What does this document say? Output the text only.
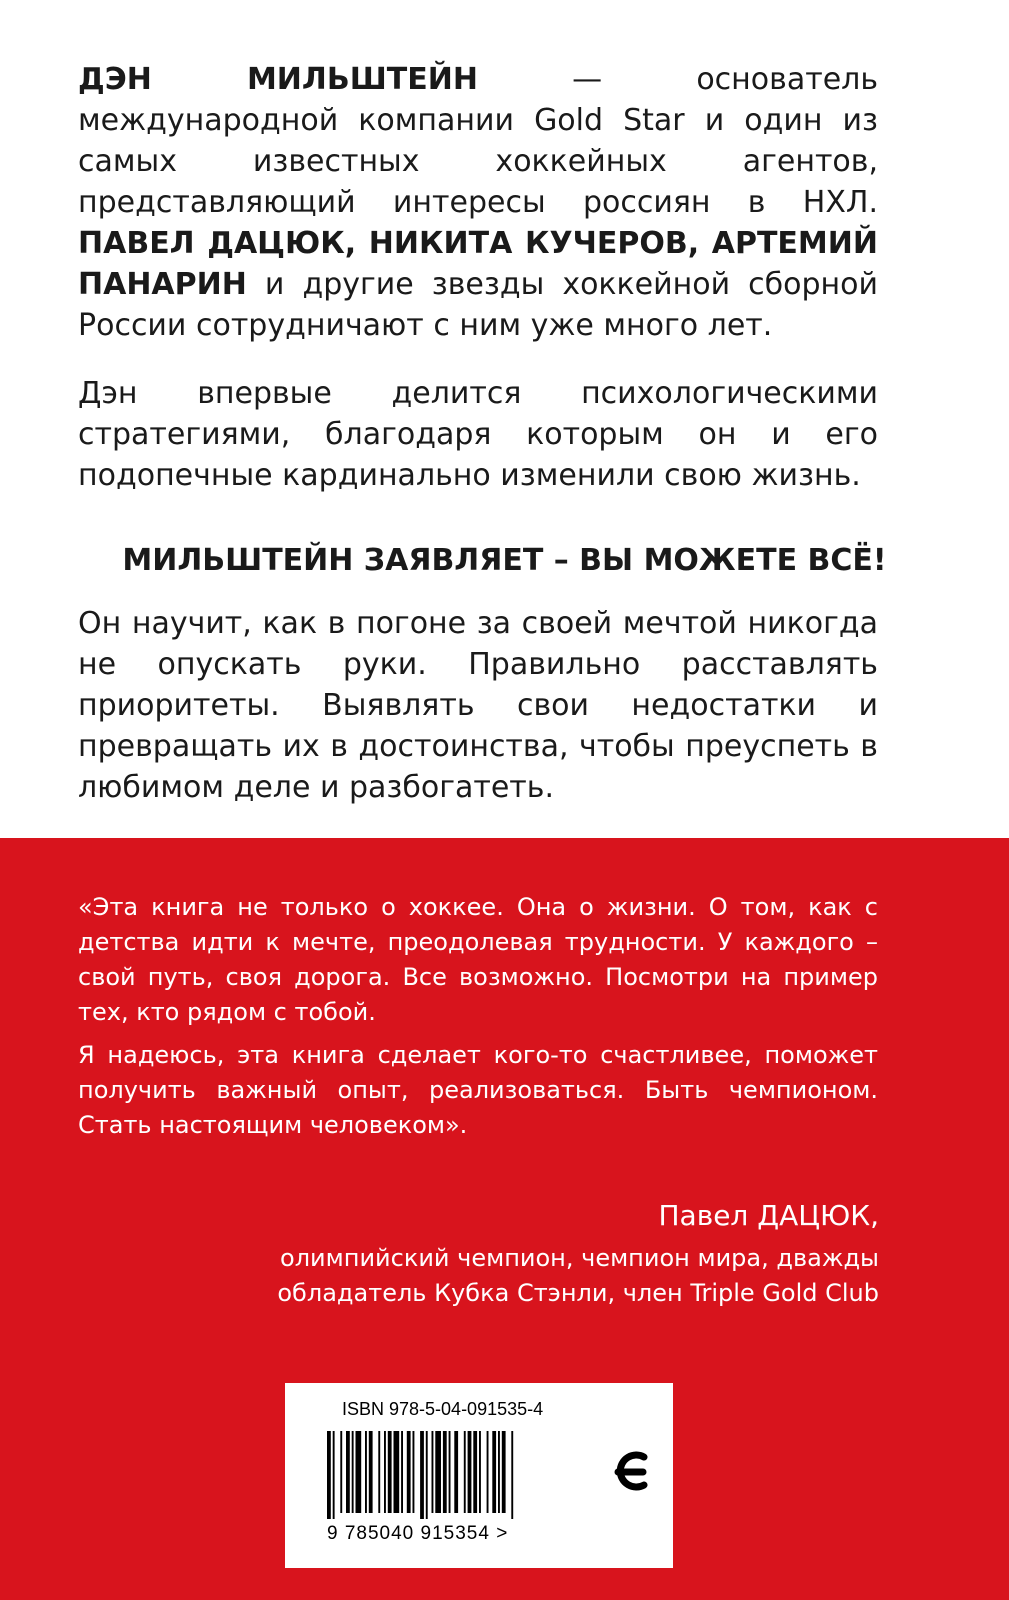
ДЭН МИЛЬШТЕЙН — основатель международной компании Gold Star и один из самых известных хоккейных агентов, представляющий интересы россиян в НХЛ. ПАВЕЛ ДАЦЮК, НИКИТА КУЧЕРОВ, АРТЕМИЙ ПАНАРИН и другие звезды хоккейной сборной России сотрудничают с ним уже много лет.

Дэн впервые делится психологическими стратегиями, благодаря которым он и его подопечные кардинально изменили свою жизнь.

МИЛЬШТЕЙН ЗАЯВЛЯЕТ – ВЫ МОЖЕТЕ ВСЁ!

Он научит, как в погоне за своей мечтой никогда не опускать руки. Правильно расставлять приоритеты. Выявлять свои недостатки и превращать их в достоинства, чтобы преуспеть в любимом деле и разбогатеть.

«Эта книга не только о хоккее. Она о жизни. О том, как с детства идти к мечте, преодолевая трудности. У каждого – свой путь, своя дорога. Все возможно. Посмотри на пример тех, кто рядом с тобой.

Я надеюсь, эта книга сделает кого-то счастливее, поможет получить важный опыт, реализоваться. Быть чемпионом. Стать настоящим человеком».

Павел ДАЦЮК,

олимпийский чемпион, чемпион мира, дважды обладатель Кубка Стэнли, член Triple Gold Club

ISBN 978-5-04-091535-4
9 785040 915354 >
